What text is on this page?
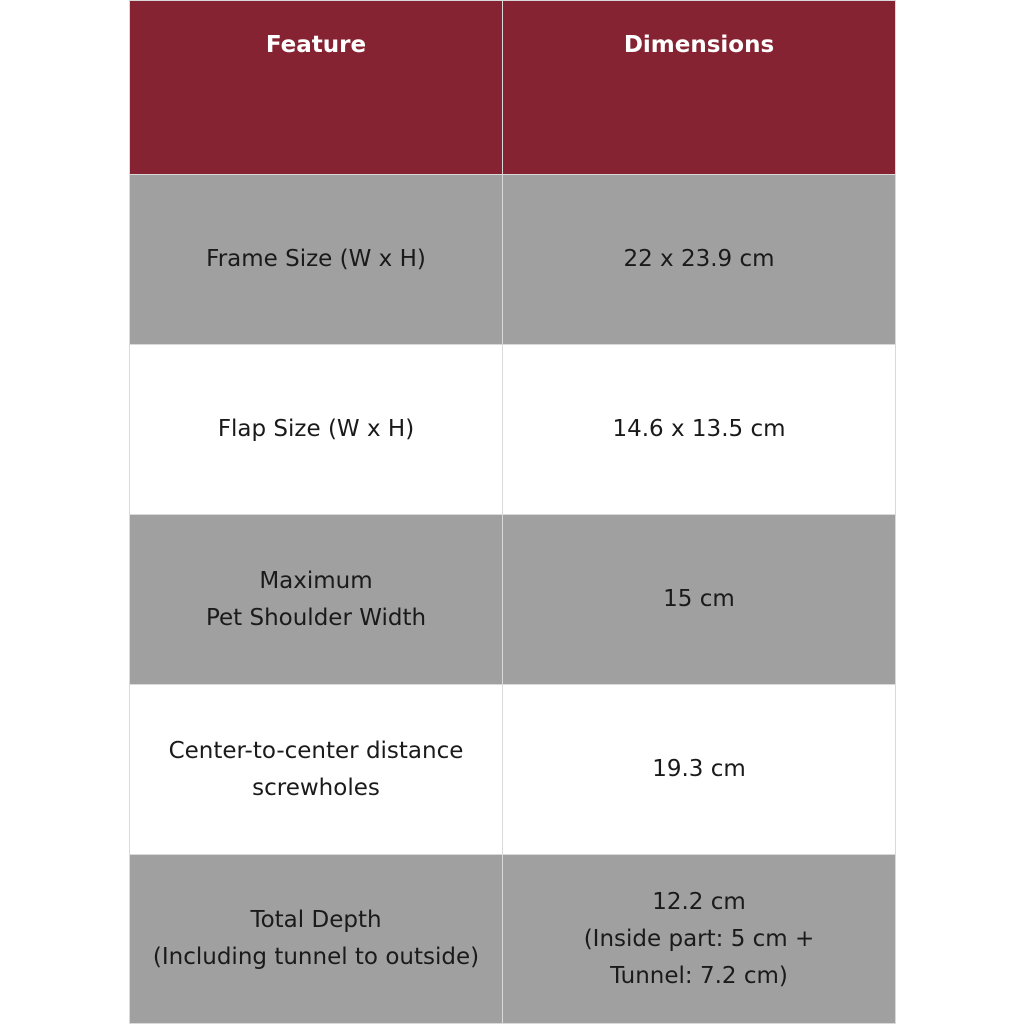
Feature	Dimensions
Frame Size (W x H)	22 x 23.9 cm
Flap Size (W x H)	14.6 x 13.5 cm
Maximum
Pet Shoulder Width	15 cm
Center-to-center distance
screwholes	19.3 cm
Total Depth
(Including tunnel to outside)	12.2 cm
(Inside part: 5 cm +
Tunnel: 7.2 cm)
